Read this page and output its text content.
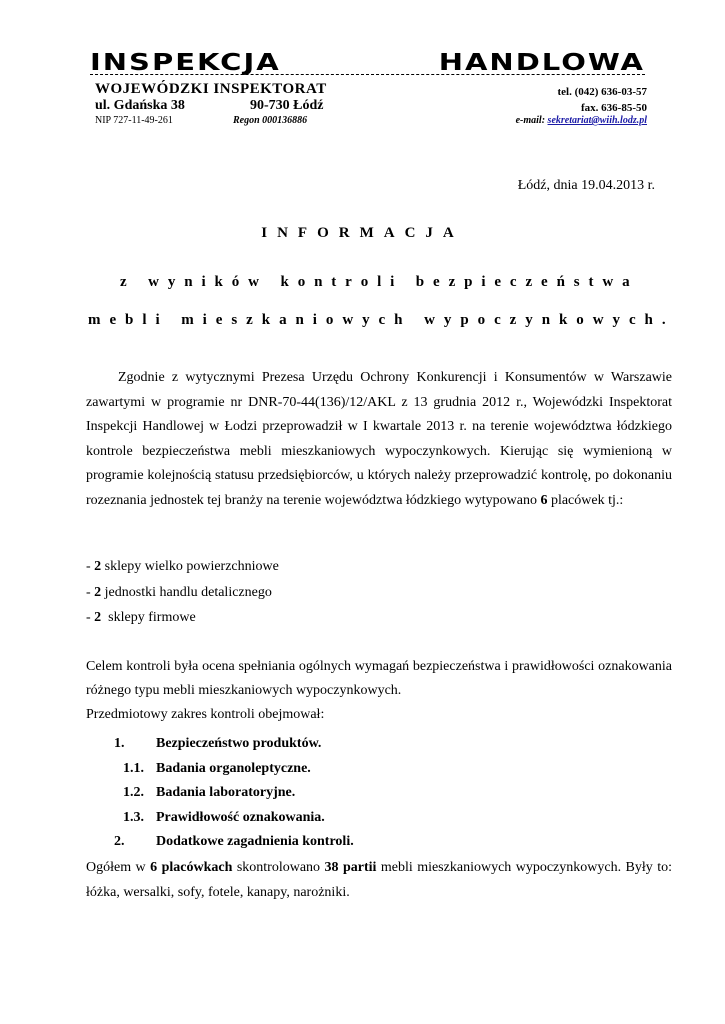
INSPEKCJA	HANDLOWA
WOJEWÓDZKI INSPEKTORAT	tel. (042) 636-03-57
ul. Gdańska 38	90-730 Łódź	fax. 636-85-50
NIP 727-11-49-261	Regon 000136886	e-mail: sekretariat@wiih.lodz.pl
Łódź, dnia 19.04.2013 r.
INFORMACJA
z
w y n i k ó w
k o n t r o l i
b e z p i e c z e ń s t w a
m e b l i
m i e s z k a n i o w y c h
w y p o c z y n k o w y c h .
Zgodnie z wytycznymi Prezesa Urzędu Ochrony Konkurencji i Konsumentów w Warszawie zawartymi w programie nr DNR-70-44(136)/12/AKL z 13 grudnia 2012 r., Wojewódzki Inspektorat Inspekcji Handlowej w Łodzi przeprowadził w I kwartale 2013 r. na terenie województwa łódzkiego kontrole bezpieczeństwa mebli mieszkaniowych wypoczynkowych. Kierując się wymienioną w programie kolejnością statusu przedsiębiorców, u których należy przeprowadzić kontrolę, po dokonaniu rozeznania jednostek tej branży na terenie województwa łódzkiego wytypowano 6 placówek tj.:
- 2 sklepy wielko powierzchniowe
- 2 jednostki handlu detalicznego
- 2  sklepy firmowe
Celem kontroli była ocena spełniania ogólnych wymagań bezpieczeństwa i prawidłowości oznakowania różnego typu mebli mieszkaniowych wypoczynkowych.
Przedmiotowy zakres kontroli obejmował:
1. Bezpieczeństwo produktów.
1.1. Badania organoleptyczne.
1.2. Badania laboratoryjne.
1.3. Prawidłowość oznakowania.
2. Dodatkowe zagadnienia kontroli.
Ogółem w 6 placówkach skontrolowano 38 partii mebli mieszkaniowych wypoczynkowych. Były to: łóżka, wersalki, sofy, fotele, kanapy, narożniki.
